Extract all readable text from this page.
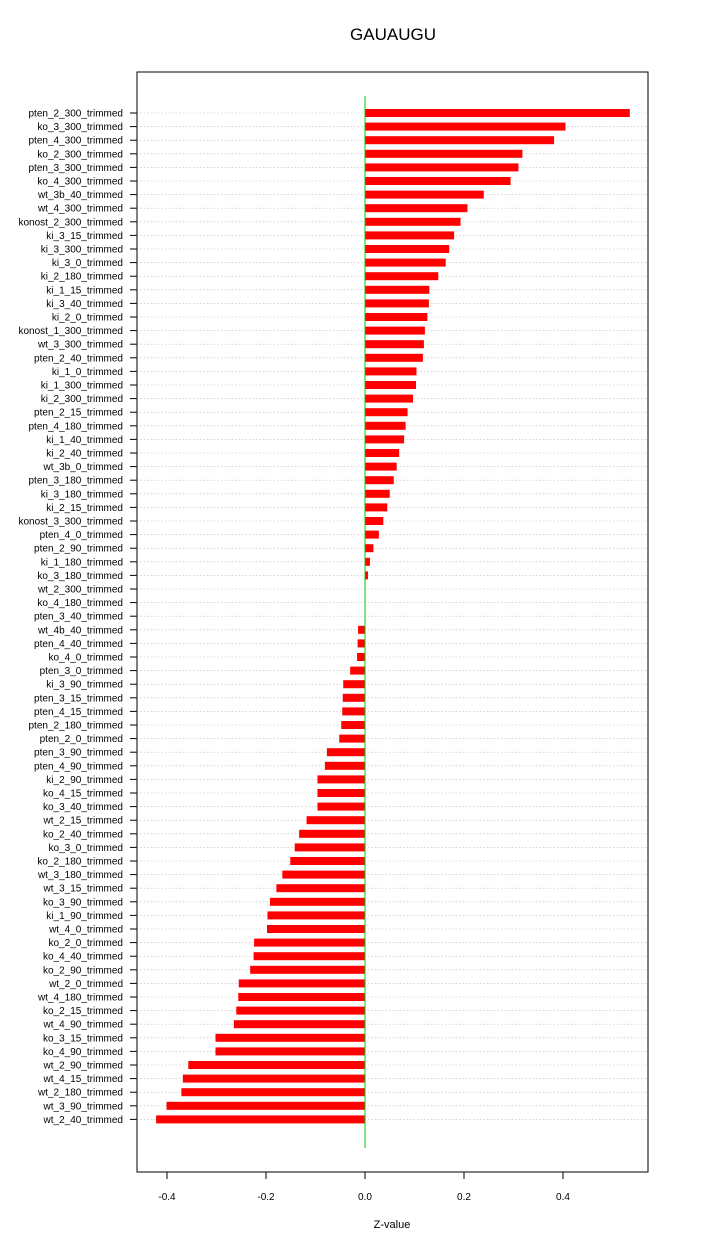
GAUAUGU
pten_2_300_trimmed
ko_3_300_trimmed
pten_4_300_trimmed
ko_2_300_trimmed
pten_3_300_trimmed
ko_4_300_trimmed
wt_3b_40_trimmed
wt_4_300_trimmed
konost_2_300_trimmed
ki_3_15_trimmed
ki_3_300_trimmed
ki_3_0_trimmed
ki_2_180_trimmed
ki_1_15_trimmed
ki_3_40_trimmed
ki_2_0_trimmed
konost_1_300_trimmed
wt_3_300_trimmed
pten_2_40_trimmed
ki_1_0_trimmed
ki_1_300_trimmed
ki_2_300_trimmed
pten_2_15_trimmed
pten_4_180_trimmed
ki_1_40_trimmed
ki_2_40_trimmed
wt_3b_0_trimmed
pten_3_180_trimmed
ki_3_180_trimmed
ki_2_15_trimmed
konost_3_300_trimmed
pten_4_0_trimmed
pten_2_90_trimmed
ki_1_180_trimmed
ko_3_180_trimmed
wt_2_300_trimmed
ko_4_180_trimmed
pten_3_40_trimmed
wt_4b_40_trimmed
pten_4_40_trimmed
ko_4_0_trimmed
pten_3_0_trimmed
ki_3_90_trimmed
pten_3_15_trimmed
pten_4_15_trimmed
pten_2_180_trimmed
pten_2_0_trimmed
pten_3_90_trimmed
pten_4_90_trimmed
ki_2_90_trimmed
ko_4_15_trimmed
ko_3_40_trimmed
wt_2_15_trimmed
ko_2_40_trimmed
ko_3_0_trimmed
ko_2_180_trimmed
wt_3_180_trimmed
wt_3_15_trimmed
ko_3_90_trimmed
ki_1_90_trimmed
wt_4_0_trimmed
ko_2_0_trimmed
ko_4_40_trimmed
ko_2_90_trimmed
wt_2_0_trimmed
wt_4_180_trimmed
ko_2_15_trimmed
wt_4_90_trimmed
ko_3_15_trimmed
ko_4_90_trimmed
wt_2_90_trimmed
wt_4_15_trimmed
wt_2_180_trimmed
wt_3_90_trimmed
wt_2_40_trimmed
-0.4	-0.2	0.0	0.2	0.4
Z-value
